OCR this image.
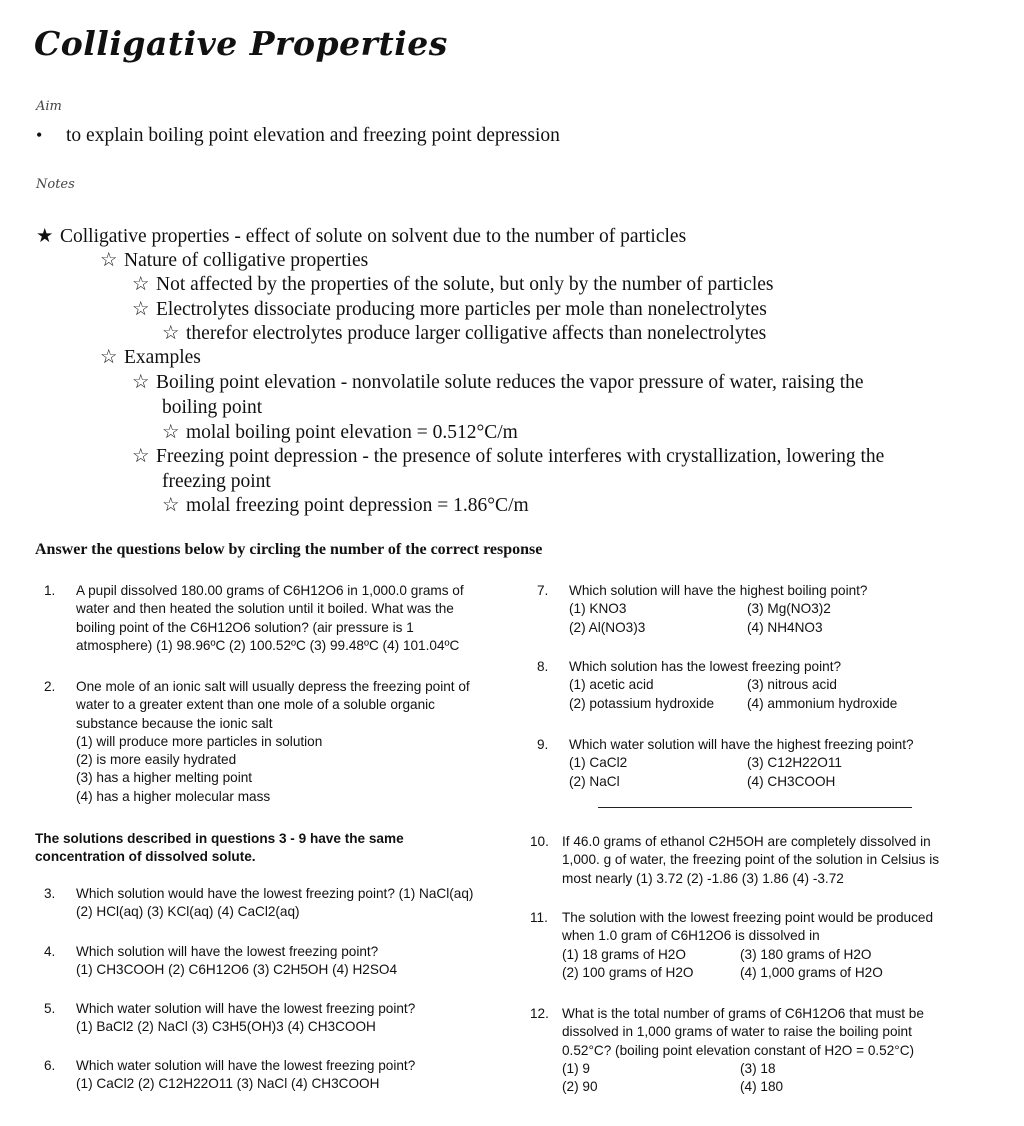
Colligative Properties
Aim
• to explain boiling point elevation and freezing point depression
Notes
★ Colligative properties - effect of solute on solvent due to the number of particles
☆ Nature of colligative properties
☆ Not affected by the properties of the solute, but only by the number of particles
☆ Electrolytes dissociate producing more particles per mole than nonelectrolytes
☆ therefor electrolytes produce larger colligative affects than nonelectrolytes
☆ Examples
☆ Boiling point elevation - nonvolatile solute reduces the vapor pressure of water, raising the
boiling point
☆ molal boiling point elevation = 0.512°C/m
☆ Freezing point depression - the presence of solute interferes with crystallization, lowering the
freezing point
☆ molal freezing point depression = 1.86°C/m
Answer the questions below by circling the number of the correct response
1. A pupil dissolved 180.00 grams of C6H12O6 in 1,000.0 grams of
water and then heated the solution until it boiled. What was the
boiling point of the C6H12O6 solution? (air pressure is 1
atmosphere) (1) 98.96ºC (2) 100.52ºC (3) 99.48ºC (4) 101.04ºC
2. One mole of an ionic salt will usually depress the freezing point of
water to a greater extent than one mole of a soluble organic
substance because the ionic salt
(1) will produce more particles in solution
(2) is more easily hydrated
(3) has a higher melting point
(4) has a higher molecular mass
The solutions described in questions 3 - 9 have the same
concentration of dissolved solute.
3. Which solution would have the lowest freezing point? (1) NaCl(aq)
(2) HCl(aq) (3) KCl(aq) (4) CaCl2(aq)
4. Which solution will have the lowest freezing point?
(1) CH3COOH (2) C6H12O6 (3) C2H5OH (4) H2SO4
5. Which water solution will have the lowest freezing point?
(1) BaCl2 (2) NaCl (3) C3H5(OH)3 (4) CH3COOH
6. Which water solution will have the lowest freezing point?
(1) CaCl2 (2) C12H22O11 (3) NaCl (4) CH3COOH
7. Which solution will have the highest boiling point?
(1) KNO3	(3) Mg(NO3)2
(2) Al(NO3)3	(4) NH4NO3
8. Which solution has the lowest freezing point?
(1) acetic acid	(3) nitrous acid
(2) potassium hydroxide (4) ammonium hydroxide
9. Which water solution will have the highest freezing point?
(1) CaCl2	(3) C12H22O11
(2) NaCl	(4) CH3COOH
10. If 46.0 grams of ethanol C2H5OH are completely dissolved in
1,000. g of water, the freezing point of the solution in Celsius is
most nearly (1) 3.72 (2) -1.86 (3) 1.86 (4) -3.72
11. The solution with the lowest freezing point would be produced
when 1.0 gram of C6H12O6 is dissolved in
(1) 18 grams of H2O	(3) 180 grams of H2O
(2) 100 grams of H2O	(4) 1,000 grams of H2O
12. What is the total number of grams of C6H12O6 that must be
dissolved in 1,000 grams of water to raise the boiling point
0.52°C? (boiling point elevation constant of H2O = 0.52°C)
(1) 9	(3) 18
(2) 90	(4) 180
